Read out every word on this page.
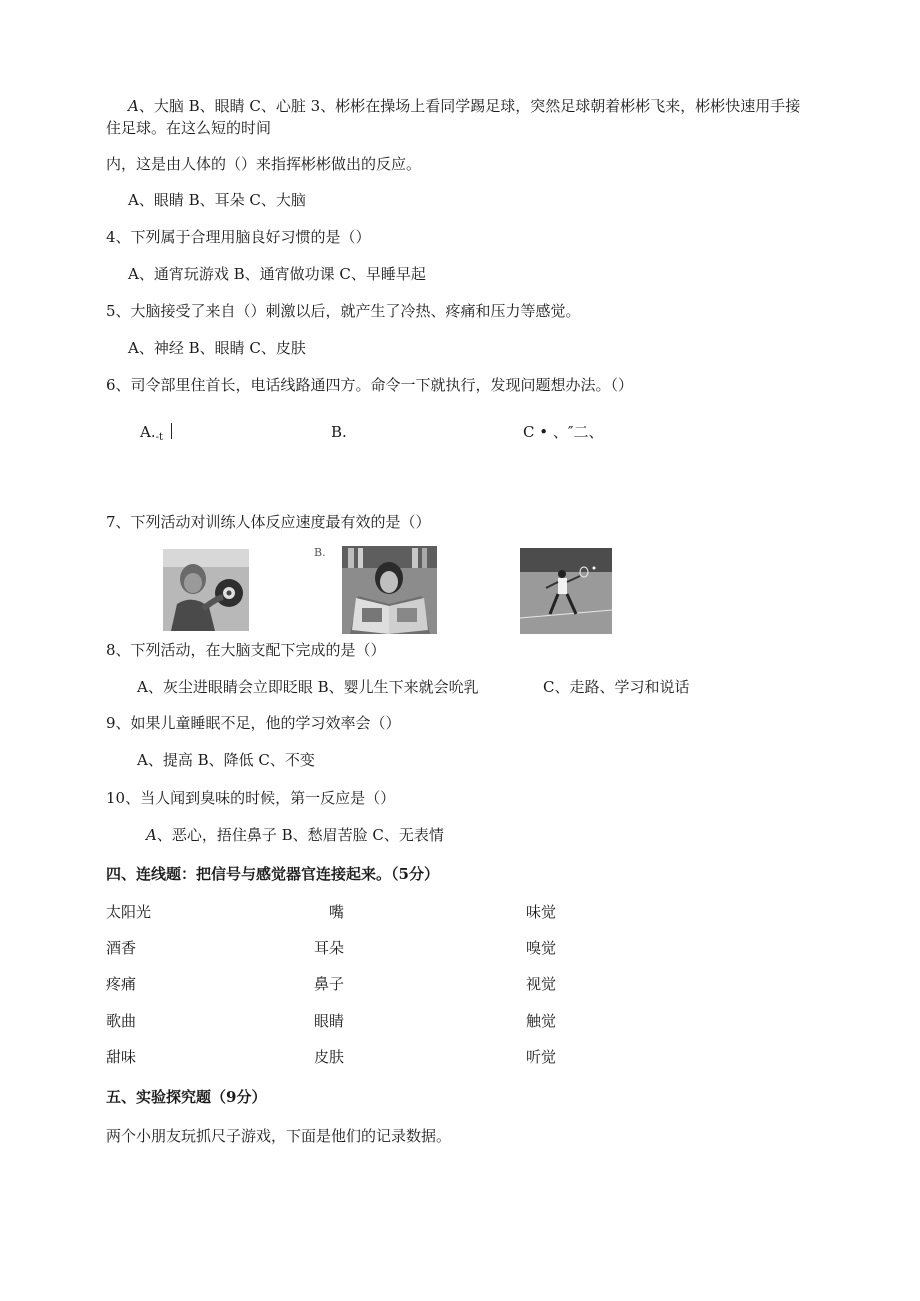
A、大脑 B、眼睛 C、心脏 3、彬彬在操场上看同学踢足球，突然足球朝着彬彬飞来，彬彬快速用手接
住足球。在这么短的时间
内，这是由人体的（）来指挥彬彬做出的反应。
A、眼睛 B、耳朵 C、大脑
4、下列属于合理用脑良好习惯的是（）
A、通宵玩游戏 B、通宵做功课 C、早睡早起
5、大脑接受了来自（）刺激以后，就产生了冷热、疼痛和压力等感觉。
A、神经 B、眼睛 C、皮肤
6、司令部里住首长，电话线路通四方。命令一下就执行，发现问题想办法。（）
$A._{-t}$	B.	C • 、″二、
7、下列活动对训练人体反应速度最有效的是（）
B.
8、下列活动，在大脑支配下完成的是（）
A、灰尘进眼睛会立即眨眼 B、婴儿生下来就会吮乳	C、走路、学习和说话
9、如果儿童睡眠不足，他的学习效率会（）
A、提高 B、降低 C、不变
10、当人闻到臭味的时候，第一反应是（）
A、恶心，捂住鼻子 B、愁眉苦脸 C、无表情
四、连线题：把信号与感觉器官连接起来。（5分）
太阳光	嘴	味觉
酒香	耳朵	嗅觉
疼痛	鼻子	视觉
歌曲	眼睛	触觉
甜味	皮肤	听觉
五、实验探究题（9分）
两个小朋友玩抓尺子游戏，下面是他们的记录数据。
